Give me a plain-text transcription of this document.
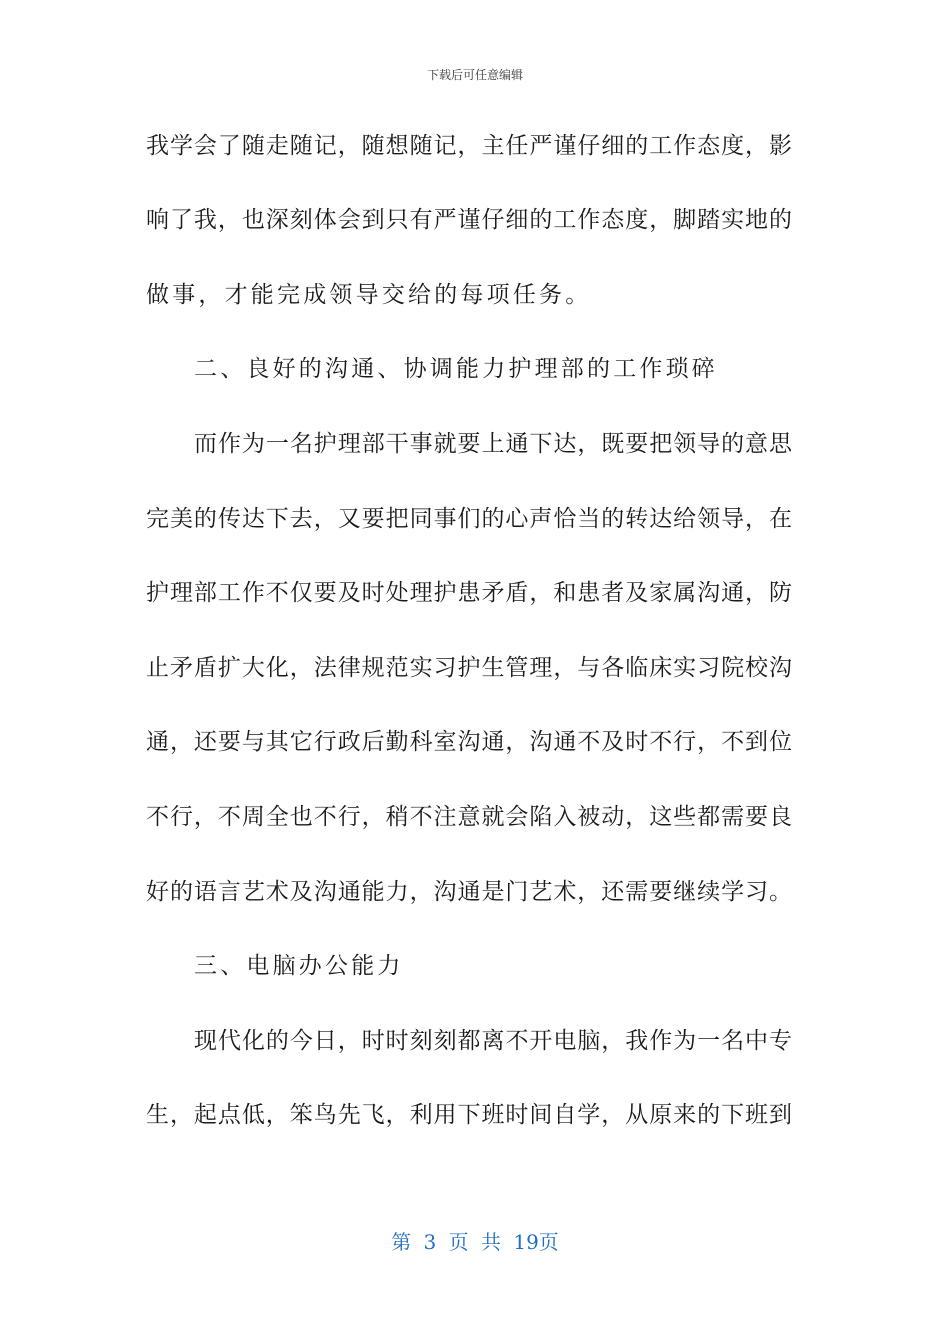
下载后可任意编辑
我学会了随走随记，随想随记，主任严谨仔细的工作态度，影
响了我，也深刻体会到只有严谨仔细的工作态度，脚踏实地的
做事，才能完成领导交给的每项任务。
二、良好的沟通、协调能力护理部的工作琐碎
而作为一名护理部干事就要上通下达，既要把领导的意思
完美的传达下去，又要把同事们的心声恰当的转达给领导，在
护理部工作不仅要及时处理护患矛盾，和患者及家属沟通，防
止矛盾扩大化，法律规范实习护生管理，与各临床实习院校沟
通，还要与其它行政后勤科室沟通，沟通不及时不行，不到位
不行，不周全也不行，稍不注意就会陷入被动，这些都需要良
好的语言艺术及沟通能力，沟通是门艺术，还需要继续学习。
三、电脑办公能力
现代化的今日，时时刻刻都离不开电脑，我作为一名中专
生，起点低，笨鸟先飞，利用下班时间自学，从原来的下班到
第 3 页 共 19页
